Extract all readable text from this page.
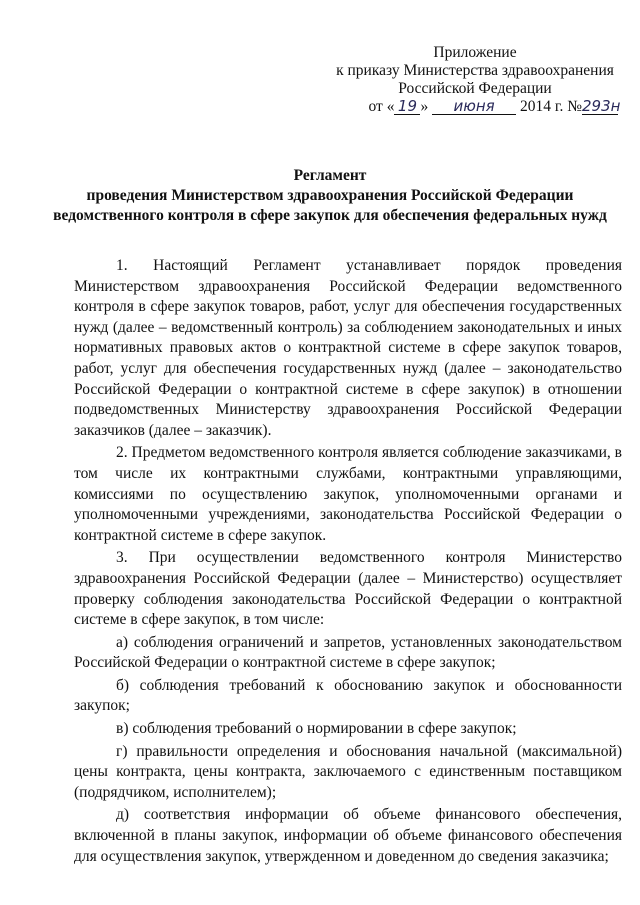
Приложение
к приказу Министерства здравоохранения
Российской Федерации
от « 19 » июня 2014 г. №293н
Регламент
проведения Министерством здравоохранения Российской Федерации
ведомственного контроля в сфере закупок для обеспечения федеральных нужд

1. Настоящий Регламент устанавливает порядок проведения Министерством здравоохранения Российской Федерации ведомственного контроля в сфере закупок товаров, работ, услуг для обеспечения государственных нужд (далее – ведомственный контроль) за соблюдением законодательных и иных нормативных правовых актов о контрактной системе в сфере закупок товаров, работ, услуг для обеспечения государственных нужд (далее – законодательство Российской Федерации о контрактной системе в сфере закупок) в отношении подведомственных Министерству здравоохранения Российской Федерации заказчиков (далее – заказчик).

2. Предметом ведомственного контроля является соблюдение заказчиками, в том числе их контрактными службами, контрактными управляющими, комиссиями по осуществлению закупок, уполномоченными органами и уполномоченными учреждениями, законодательства Российской Федерации о контрактной системе в сфере закупок.

3. При осуществлении ведомственного контроля Министерство здравоохранения Российской Федерации (далее – Министерство) осуществляет проверку соблюдения законодательства Российской Федерации о контрактной системе в сфере закупок, в том числе:

а) соблюдения ограничений и запретов, установленных законодательством Российской Федерации о контрактной системе в сфере закупок;

б) соблюдения требований к обоснованию закупок и обоснованности закупок;

в) соблюдения требований о нормировании в сфере закупок;

г) правильности определения и обоснования начальной (максимальной) цены контракта, цены контракта, заключаемого с единственным поставщиком (подрядчиком, исполнителем);

д) соответствия информации об объеме финансового обеспечения, включенной в планы закупок, информации об объеме финансового обеспечения для осуществления закупок, утвержденном и доведенном до сведения заказчика;
